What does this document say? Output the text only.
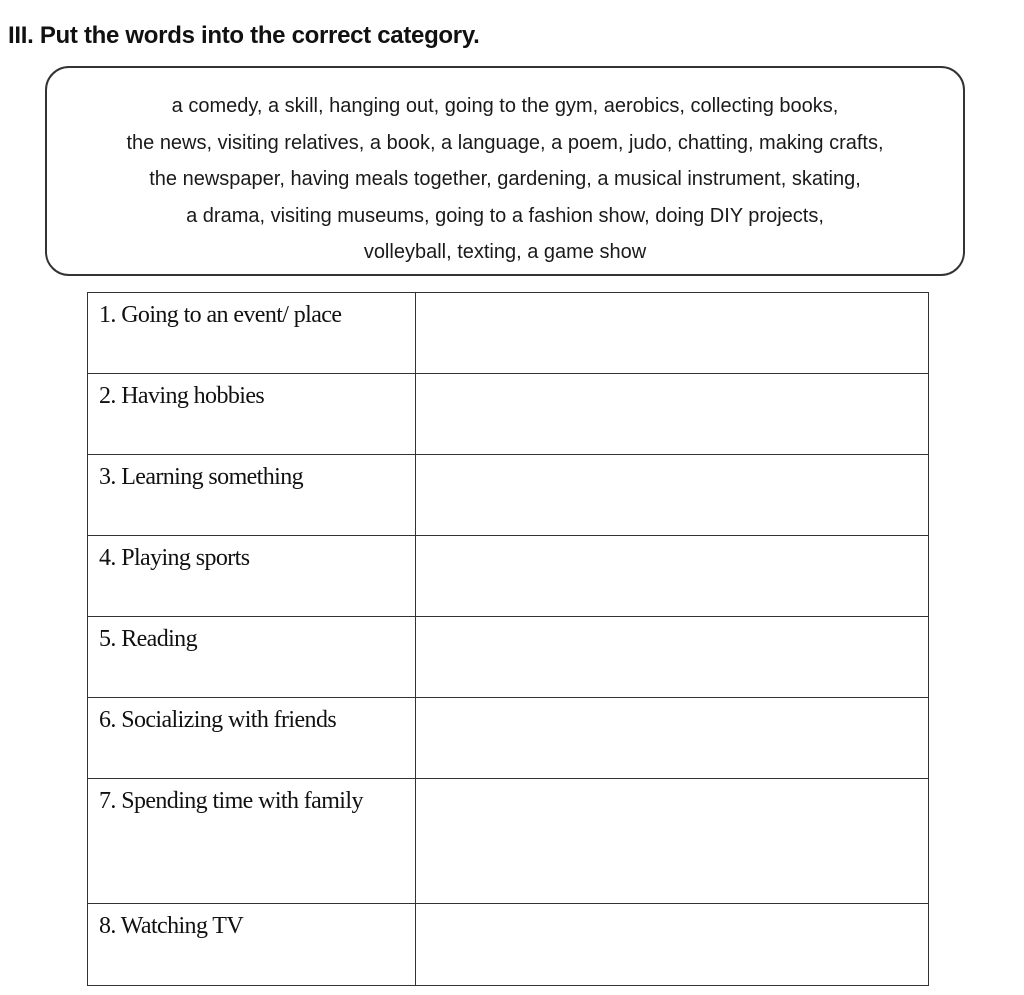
III. Put the words into the correct category.
a comedy, a skill, hanging out, going to the gym, aerobics, collecting books,
the news, visiting relatives, a book, a language, a poem, judo, chatting, making crafts,
the newspaper, having meals together, gardening, a musical instrument, skating,
a drama, visiting museums, going to a fashion show, doing DIY projects,
volleyball, texting, a game show
1. Going to an event/ place	
2. Having hobbies	
3. Learning something	
4. Playing sports	
5. Reading	
6. Socializing with friends	
7. Spending time with family	
8. Watching TV	
